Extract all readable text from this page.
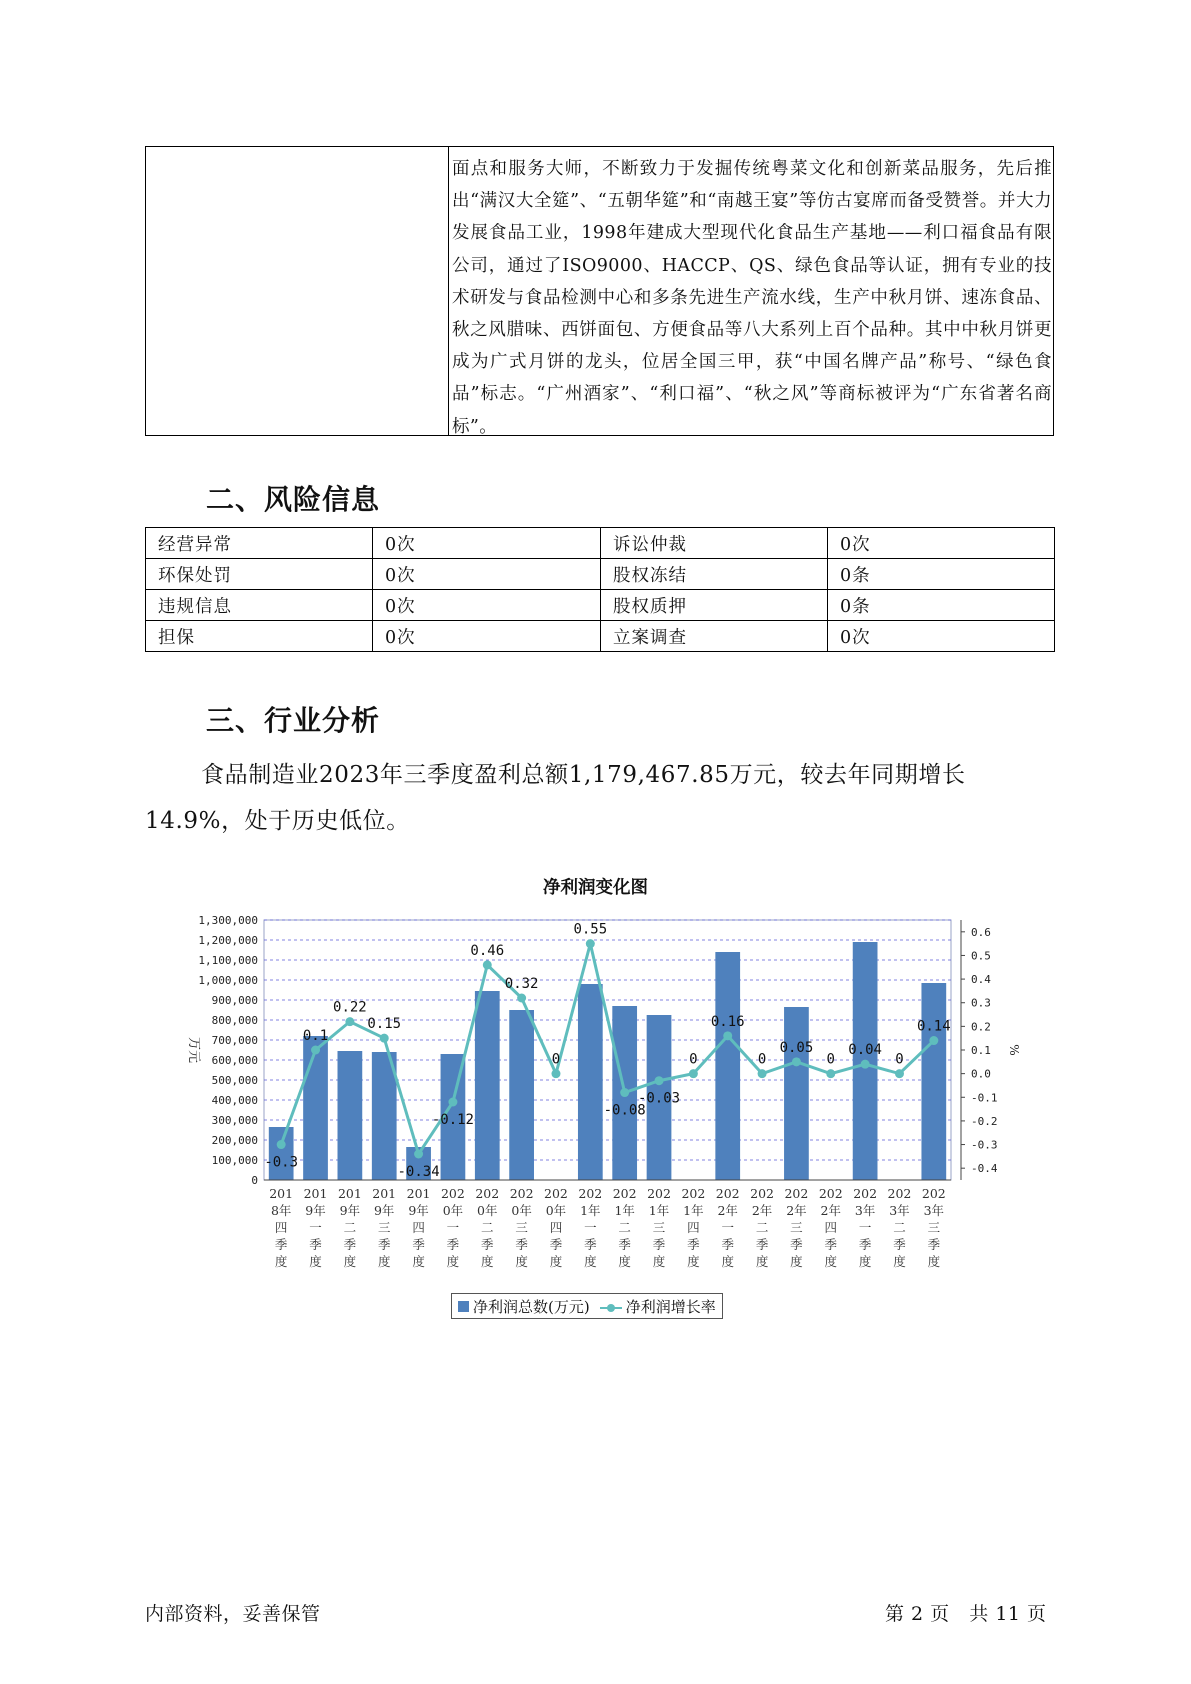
面点和服务大师，不断致力于发掘传统粤菜文化和创新菜品服务，先后推出“满汉大全筵”、“五朝华筵”和“南越王宴”等仿古宴席而备受赞誉。并大力发展食品工业，1998年建成大型现代化食品生产基地——利口福食品有限公司，通过了ISO9000、HACCP、QS、绿色食品等认证，拥有专业的技术研发与食品检测中心和多条先进生产流水线，生产中秋月饼、速冻食品、秋之风腊味、西饼面包、方便食品等八大系列上百个品种。其中中秋月饼更成为广式月饼的龙头，位居全国三甲，获“中国名牌产品”称号、“绿色食品”标志。“广州酒家”、“利口福”、“秋之风”等商标被评为“广东省著名商标”。
二、风险信息
经营异常	0次	诉讼仲裁	0次
环保处罚	0次	股权冻结	0条
违规信息	0次	股权质押	0条
担保	0次	立案调查	0次
三、行业分析
食品制造业2023年三季度盈利总额1,179,467.85万元，较去年同期增长14.9%，处于历史低位。
净利润变化图
0
100,000
200,000
300,000
400,000
500,000
600,000
700,000
800,000
900,000
1,000,000
1,100,000
1,200,000
1,300,000
-0.4
-0.3
-0.2
-0.1
0.0
0.1
0.2
0.3
0.4
0.5
0.6
万元	%
-0.3
0.1
0.22
0.15
-0.34
-0.12
0.46
0.32
0
0.55
-0.08
-0.03
0
0.16
0
0.05
0
0.04
0
0.14
201 8年四季度
201 9年一季度
201 9年二季度
201 9年三季度
201 9年四季度
202 0年一季度
202 0年二季度
202 0年三季度
202 0年四季度
202 1年一季度
202 1年二季度
202 1年三季度
202 1年四季度
202 2年一季度
202 2年二季度
202 2年三季度
202 2年四季度
202 3年一季度
202 3年二季度
202 3年三季度
净利润总数(万元)	净利润增长率
内部资料，妥善保管	第 2 页   共 11 页
